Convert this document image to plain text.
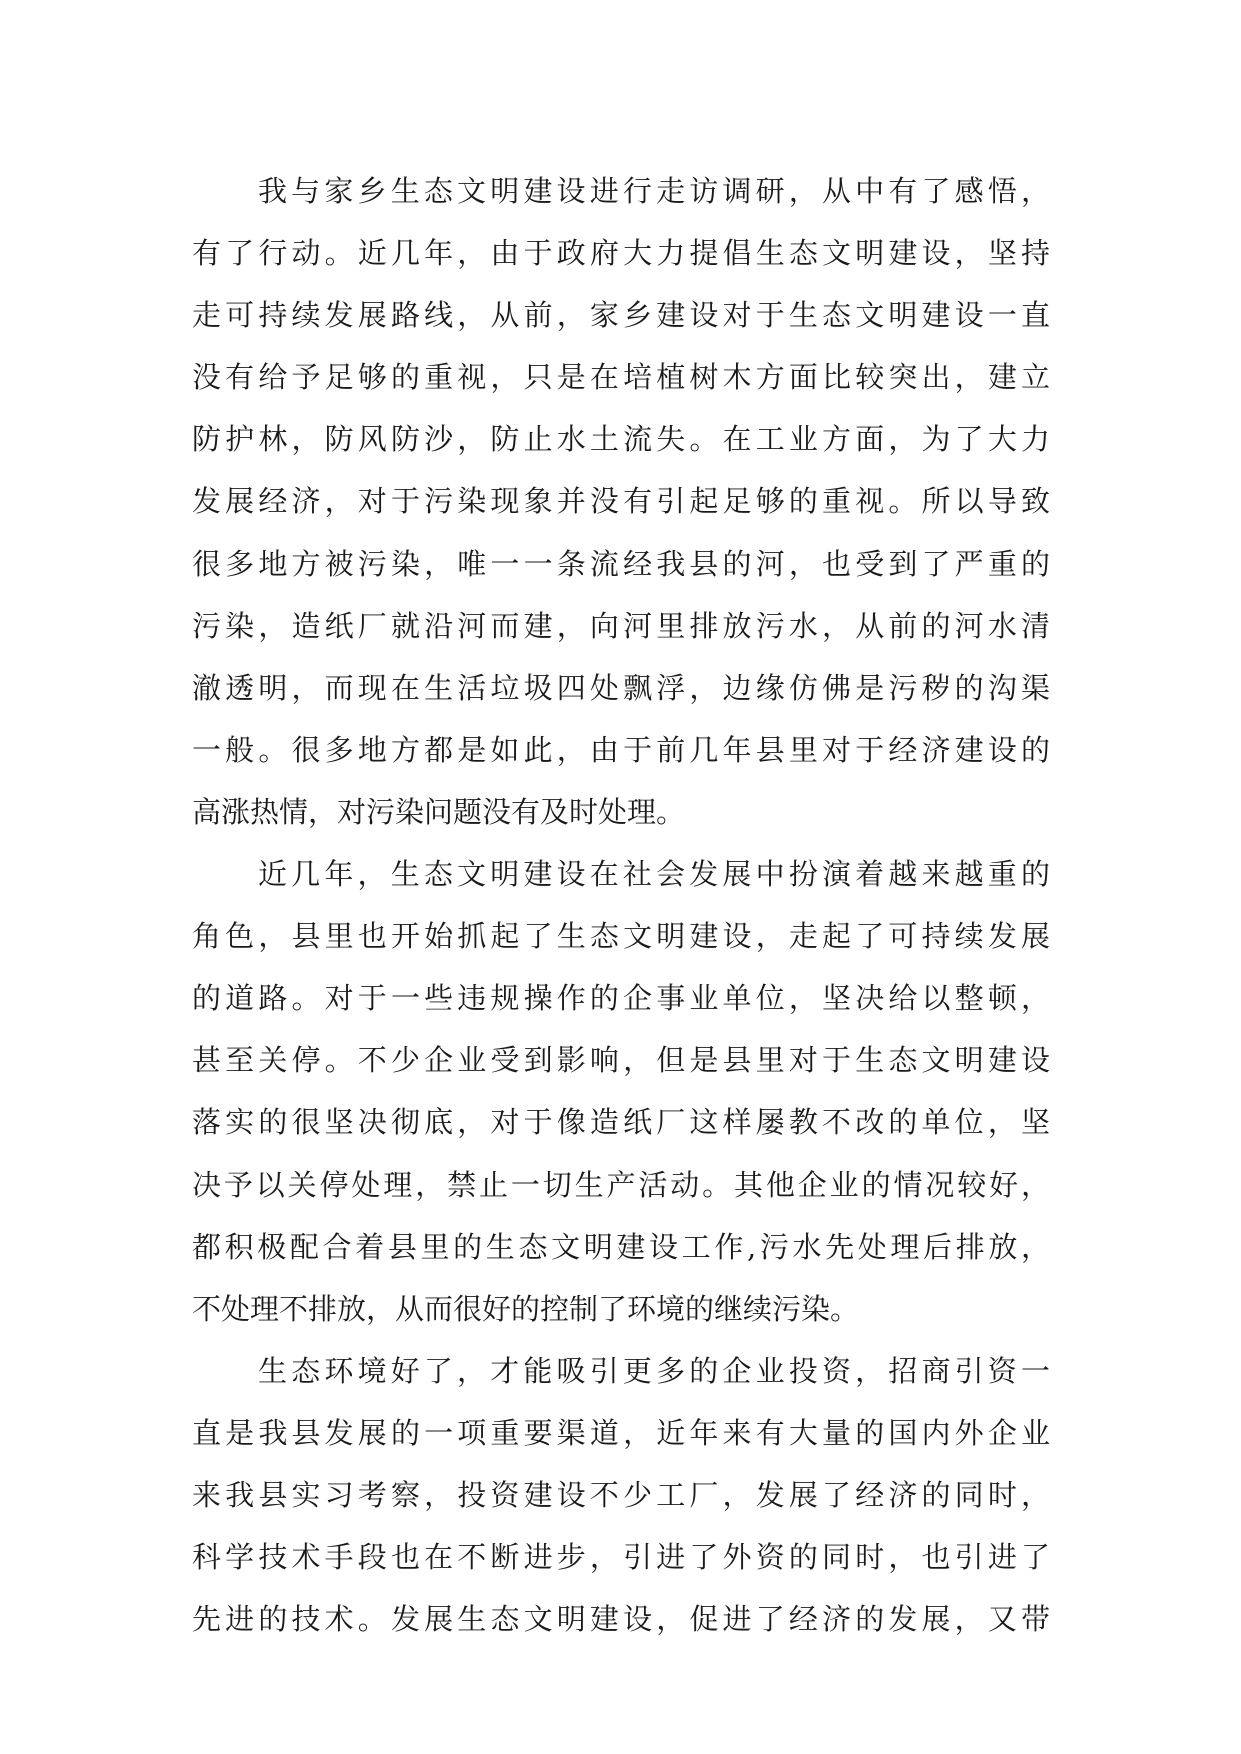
我与家乡生态文明建设进行走访调研，从中有了感悟，
有了行动。近几年，由于政府大力提倡生态文明建设，坚持
走可持续发展路线，从前，家乡建设对于生态文明建设一直
没有给予足够的重视，只是在培植树木方面比较突出，建立
防护林，防风防沙，防止水土流失。在工业方面，为了大力
发展经济，对于污染现象并没有引起足够的重视。所以导致
很多地方被污染，唯一一条流经我县的河，也受到了严重的
污染，造纸厂就沿河而建，向河里排放污水，从前的河水清
澈透明，而现在生活垃圾四处飘浮，边缘仿佛是污秽的沟渠
一般。很多地方都是如此，由于前几年县里对于经济建设的
高涨热情，对污染问题没有及时处理。
近几年，生态文明建设在社会发展中扮演着越来越重的
角色，县里也开始抓起了生态文明建设，走起了可持续发展
的道路。对于一些违规操作的企事业单位，坚决给以整顿，
甚至关停。不少企业受到影响，但是县里对于生态文明建设
落实的很坚决彻底，对于像造纸厂这样屡教不改的单位，坚
决予以关停处理，禁止一切生产活动。其他企业的情况较好，
都积极配合着县里的生态文明建设工作,污水先处理后排放，
不处理不排放，从而很好的控制了环境的继续污染。
生态环境好了，才能吸引更多的企业投资，招商引资一
直是我县发展的一项重要渠道，近年来有大量的国内外企业
来我县实习考察，投资建设不少工厂，发展了经济的同时，
科学技术手段也在不断进步，引进了外资的同时，也引进了
先进的技术。发展生态文明建设，促进了经济的发展，又带
